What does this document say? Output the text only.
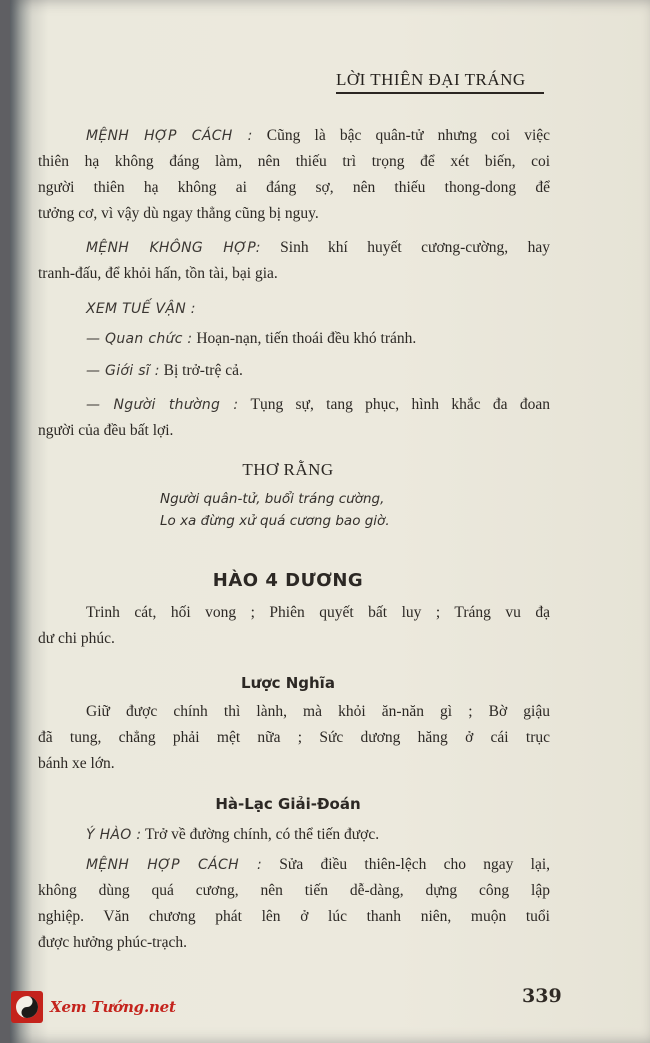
LỜI THIÊN ĐẠI TRÁNG
MỆNH HỢP CÁCH : Cũng là bậc quân-tử nhưng coi việc
thiên hạ không đáng làm, nên thiếu trì trọng để xét biến, coi
người thiên hạ không ai đáng sợ, nên thiếu thong-dong để
tưởng cơ, vì vậy dù ngay thẳng cũng bị nguy.
MỆNH KHÔNG HỢP: Sinh khí huyết cương-cường, hay
tranh-đấu, để khỏi hấn, tồn tài, bại gia.
XEM TUẾ VẬN :
— Quan chức : Hoạn-nạn, tiến thoái đều khó tránh.
— Giới sĩ : Bị trở-trệ cả.
— Người thường : Tụng sự, tang phục, hình khắc đa đoan
người của đều bất lợi.
THƠ RẰNG
Người quân-tử, buổi tráng cường,
Lo xa đừng xử quá cương bao giờ.
HÀO 4 DƯƠNG
Trinh cát, hối vong ; Phiên quyết bất luy ; Tráng vu đạ
dư chi phúc.
Lược Nghĩa
Giữ được chính thì lành, mà khỏi ăn-năn gì ; Bờ giậu
đã tung, chẳng phải mệt nữa ; Sức dương hăng ở cái trục
bánh xe lớn.
Hà-Lạc Giải-Đoán
Ý HÀO : Trở về đường chính, có thể tiến được.
MỆNH HỢP CÁCH : Sửa điều thiên-lệch cho ngay lại,
không dùng quá cương, nên tiến dễ-dàng, dựng công lập
nghiệp. Văn chương phát lên ở lúc thanh niên, muộn tuổi
được hưởng phúc-trạch.
339
Xem Tướng.net
